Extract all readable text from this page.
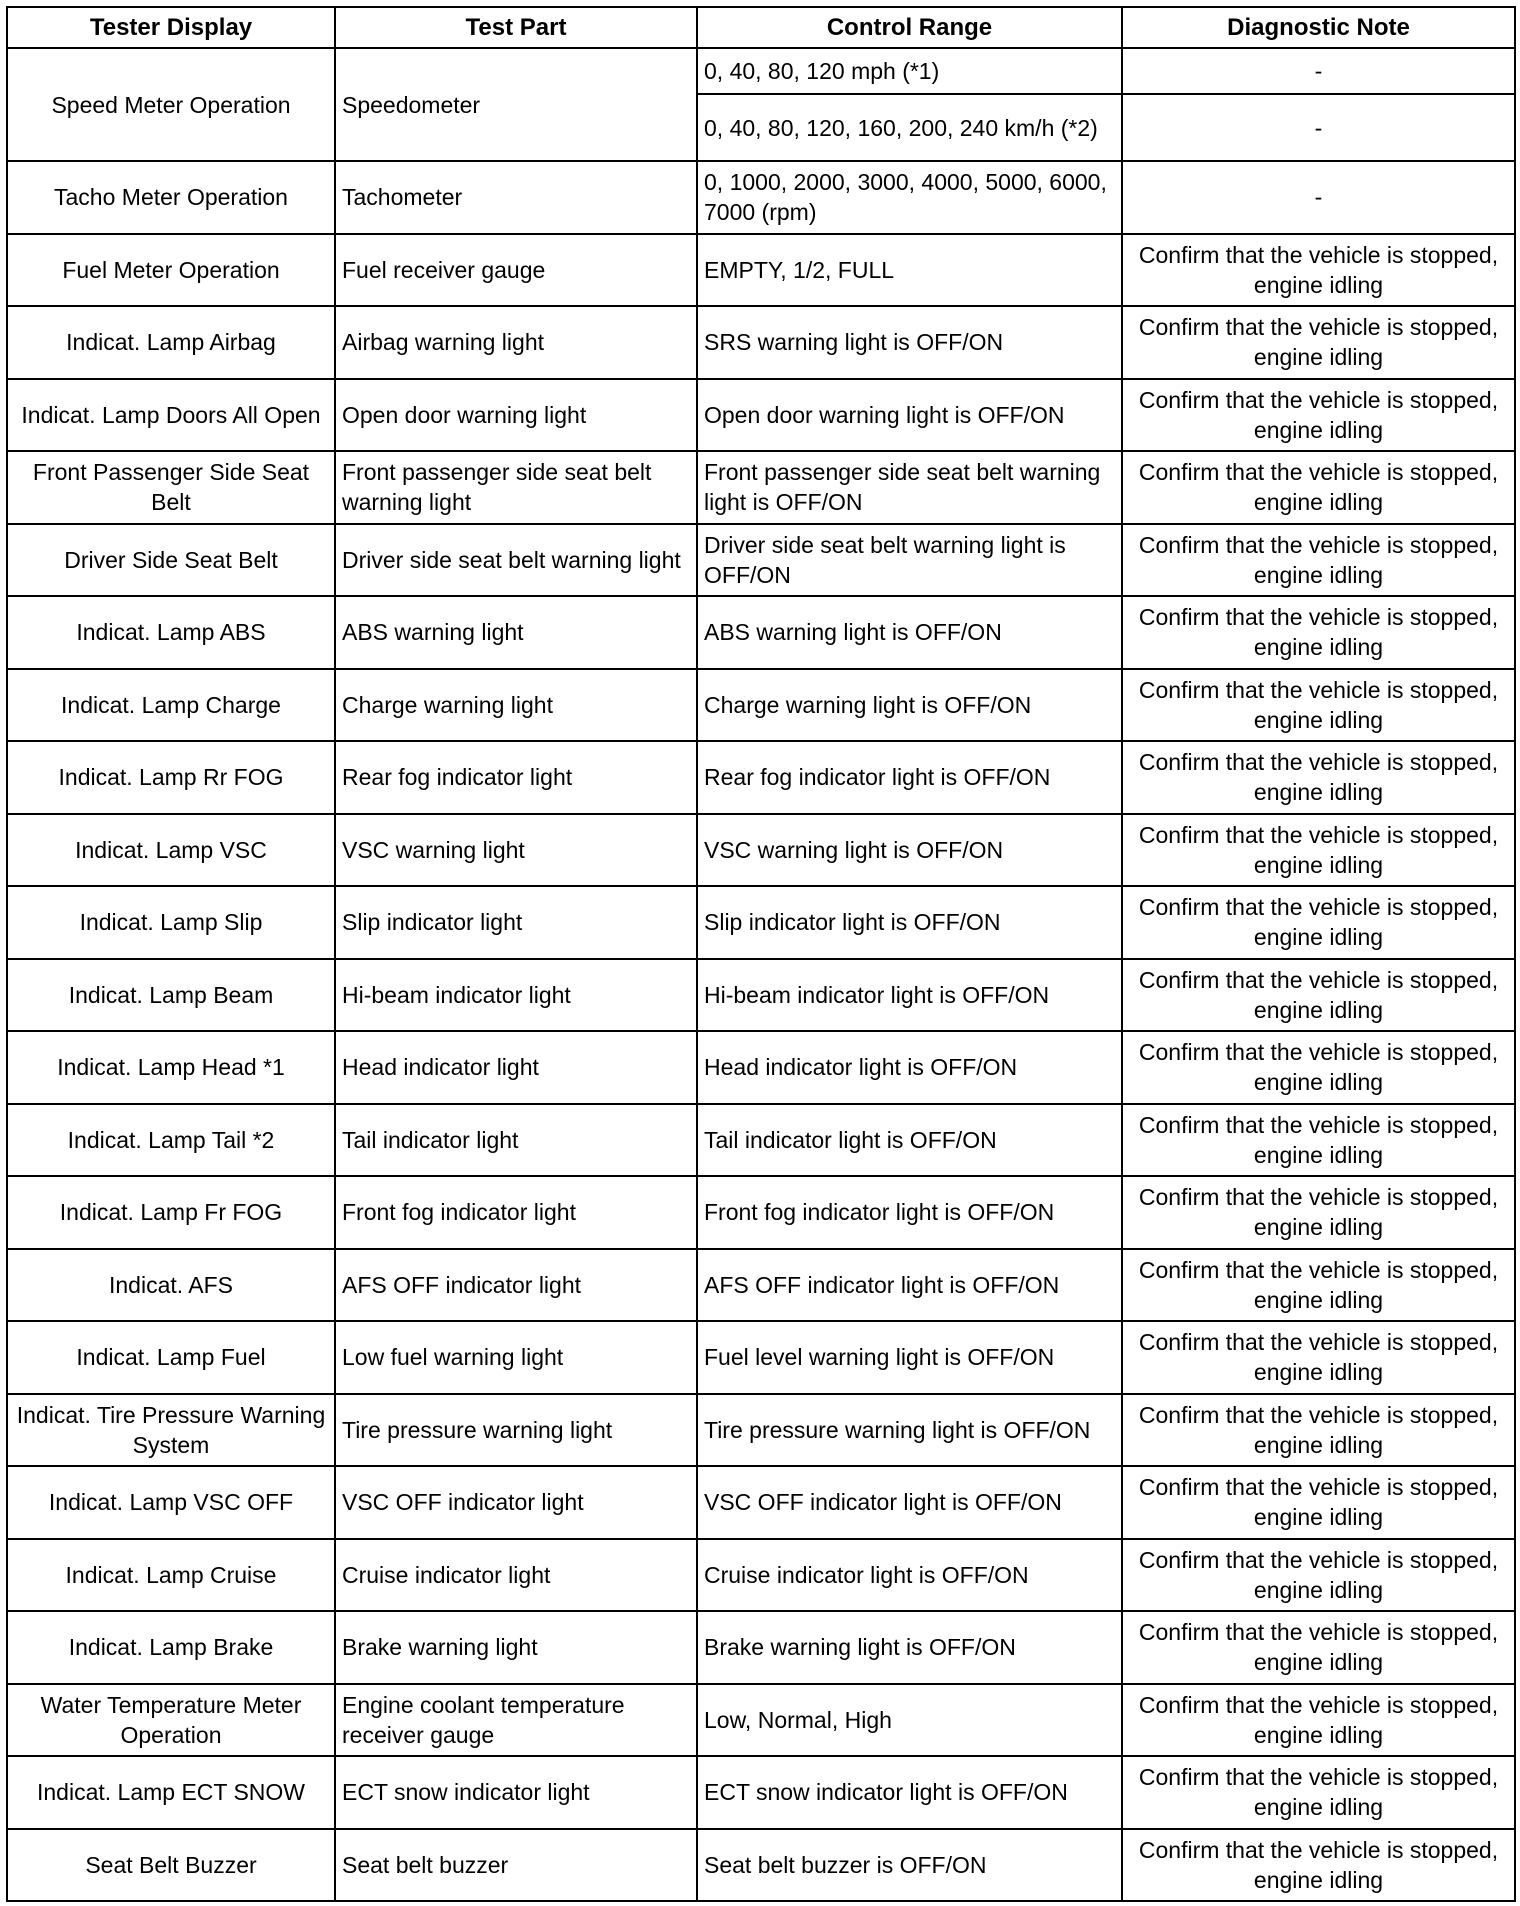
Tester Display	Test Part	Control Range	Diagnostic Note
Speed Meter Operation	Speedometer	0, 40, 80, 120 mph (*1)	-
		0, 40, 80, 120, 160, 200, 240 km/h (*2)	-
Tacho Meter Operation	Tachometer	0, 1000, 2000, 3000, 4000, 5000, 6000, 7000 (rpm)	-
Fuel Meter Operation	Fuel receiver gauge	EMPTY, 1/2, FULL	Confirm that the vehicle is stopped, engine idling
Indicat. Lamp Airbag	Airbag warning light	SRS warning light is OFF/ON	Confirm that the vehicle is stopped, engine idling
Indicat. Lamp Doors All Open	Open door warning light	Open door warning light is OFF/ON	Confirm that the vehicle is stopped, engine idling
Front Passenger Side Seat Belt	Front passenger side seat belt warning light	Front passenger side seat belt warning light is OFF/ON	Confirm that the vehicle is stopped, engine idling
Driver Side Seat Belt	Driver side seat belt warning light	Driver side seat belt warning light is OFF/ON	Confirm that the vehicle is stopped, engine idling
Indicat. Lamp ABS	ABS warning light	ABS warning light is OFF/ON	Confirm that the vehicle is stopped, engine idling
Indicat. Lamp Charge	Charge warning light	Charge warning light is OFF/ON	Confirm that the vehicle is stopped, engine idling
Indicat. Lamp Rr FOG	Rear fog indicator light	Rear fog indicator light is OFF/ON	Confirm that the vehicle is stopped, engine idling
Indicat. Lamp VSC	VSC warning light	VSC warning light is OFF/ON	Confirm that the vehicle is stopped, engine idling
Indicat. Lamp Slip	Slip indicator light	Slip indicator light is OFF/ON	Confirm that the vehicle is stopped, engine idling
Indicat. Lamp Beam	Hi-beam indicator light	Hi-beam indicator light is OFF/ON	Confirm that the vehicle is stopped, engine idling
Indicat. Lamp Head *1	Head indicator light	Head indicator light is OFF/ON	Confirm that the vehicle is stopped, engine idling
Indicat. Lamp Tail *2	Tail indicator light	Tail indicator light is OFF/ON	Confirm that the vehicle is stopped, engine idling
Indicat. Lamp Fr FOG	Front fog indicator light	Front fog indicator light is OFF/ON	Confirm that the vehicle is stopped, engine idling
Indicat. AFS	AFS OFF indicator light	AFS OFF indicator light is OFF/ON	Confirm that the vehicle is stopped, engine idling
Indicat. Lamp Fuel	Low fuel warning light	Fuel level warning light is OFF/ON	Confirm that the vehicle is stopped, engine idling
Indicat. Tire Pressure Warning System	Tire pressure warning light	Tire pressure warning light is OFF/ON	Confirm that the vehicle is stopped, engine idling
Indicat. Lamp VSC OFF	VSC OFF indicator light	VSC OFF indicator light is OFF/ON	Confirm that the vehicle is stopped, engine idling
Indicat. Lamp Cruise	Cruise indicator light	Cruise indicator light is OFF/ON	Confirm that the vehicle is stopped, engine idling
Indicat. Lamp Brake	Brake warning light	Brake warning light is OFF/ON	Confirm that the vehicle is stopped, engine idling
Water Temperature Meter Operation	Engine coolant temperature receiver gauge	Low, Normal, High	Confirm that the vehicle is stopped, engine idling
Indicat. Lamp ECT SNOW	ECT snow indicator light	ECT snow indicator light is OFF/ON	Confirm that the vehicle is stopped, engine idling
Seat Belt Buzzer	Seat belt buzzer	Seat belt buzzer is OFF/ON	Confirm that the vehicle is stopped, engine idling
